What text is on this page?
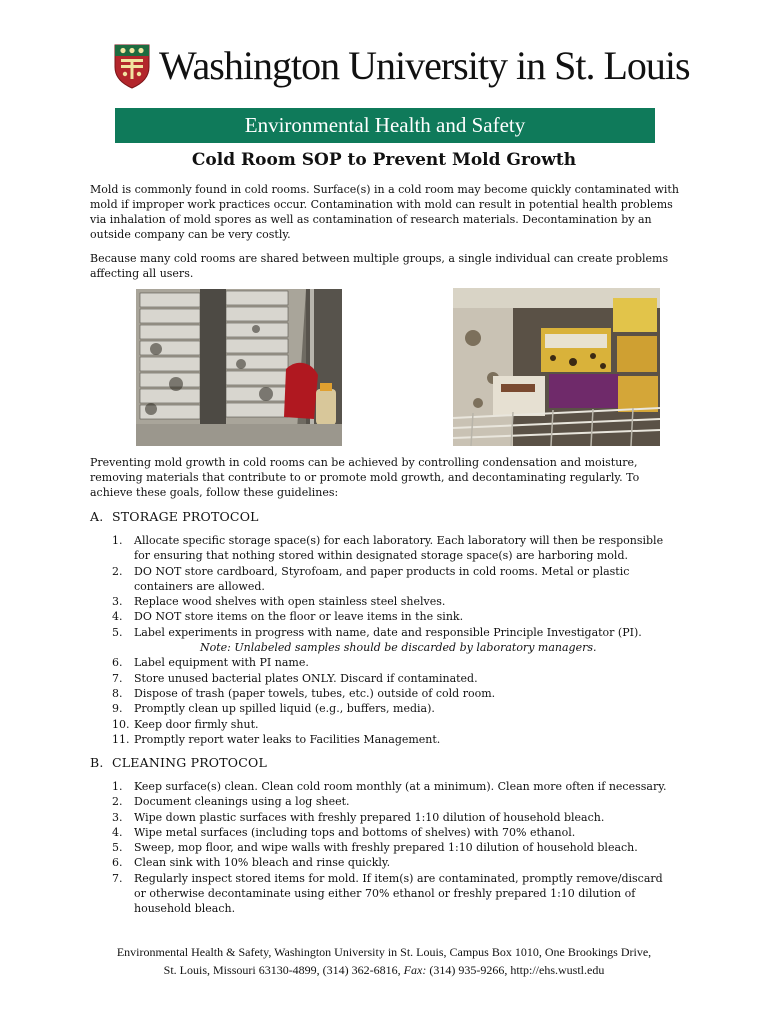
Washington University in St. Louis
Environmental Health and Safety
Cold Room SOP to Prevent Mold Growth
Mold is commonly found in cold rooms. Surface(s) in a cold room may become quickly contaminated with mold if improper work practices occur. Contamination with mold can result in potential health problems via inhalation of mold spores as well as contamination of research materials. Decontamination by an outside company can be very costly.
Because many cold rooms are shared between multiple groups, a single individual can create problems affecting all users.
Preventing mold growth in cold rooms can be achieved by controlling condensation and moisture, removing materials that contribute to or promote mold growth, and decontaminating regularly. To achieve these goals, follow these guidelines:
A. STORAGE PROTOCOL
1. Allocate specific storage space(s) for each laboratory. Each laboratory will then be responsible for ensuring that nothing stored within designated storage space(s) are harboring mold.
2. DO NOT store cardboard, Styrofoam, and paper products in cold rooms. Metal or plastic containers are allowed.
3. Replace wood shelves with open stainless steel shelves.
4. DO NOT store items on the floor or leave items in the sink.
5. Label experiments in progress with name, date and responsible Principle Investigator (PI).
Note: Unlabeled samples should be discarded by laboratory managers.
6. Label equipment with PI name.
7. Store unused bacterial plates ONLY. Discard if contaminated.
8. Dispose of trash (paper towels, tubes, etc.) outside of cold room.
9. Promptly clean up spilled liquid (e.g., buffers, media).
10. Keep door firmly shut.
11. Promptly report water leaks to Facilities Management.
B. CLEANING PROTOCOL
1. Keep surface(s) clean. Clean cold room monthly (at a minimum). Clean more often if necessary.
2. Document cleanings using a log sheet.
3. Wipe down plastic surfaces with freshly prepared 1:10 dilution of household bleach.
4. Wipe metal surfaces (including tops and bottoms of shelves) with 70% ethanol.
5. Sweep, mop floor, and wipe walls with freshly prepared 1:10 dilution of household bleach.
6. Clean sink with 10% bleach and rinse quickly.
7. Regularly inspect stored items for mold. If item(s) are contaminated, promptly remove/discard or otherwise decontaminate using either 70% ethanol or freshly prepared 1:10 dilution of household bleach.
Environmental Health & Safety, Washington University in St. Louis, Campus Box 1010, One Brookings Drive,
St. Louis, Missouri 63130-4899, (314) 362-6816, Fax: (314) 935-9266, http://ehs.wustl.edu
